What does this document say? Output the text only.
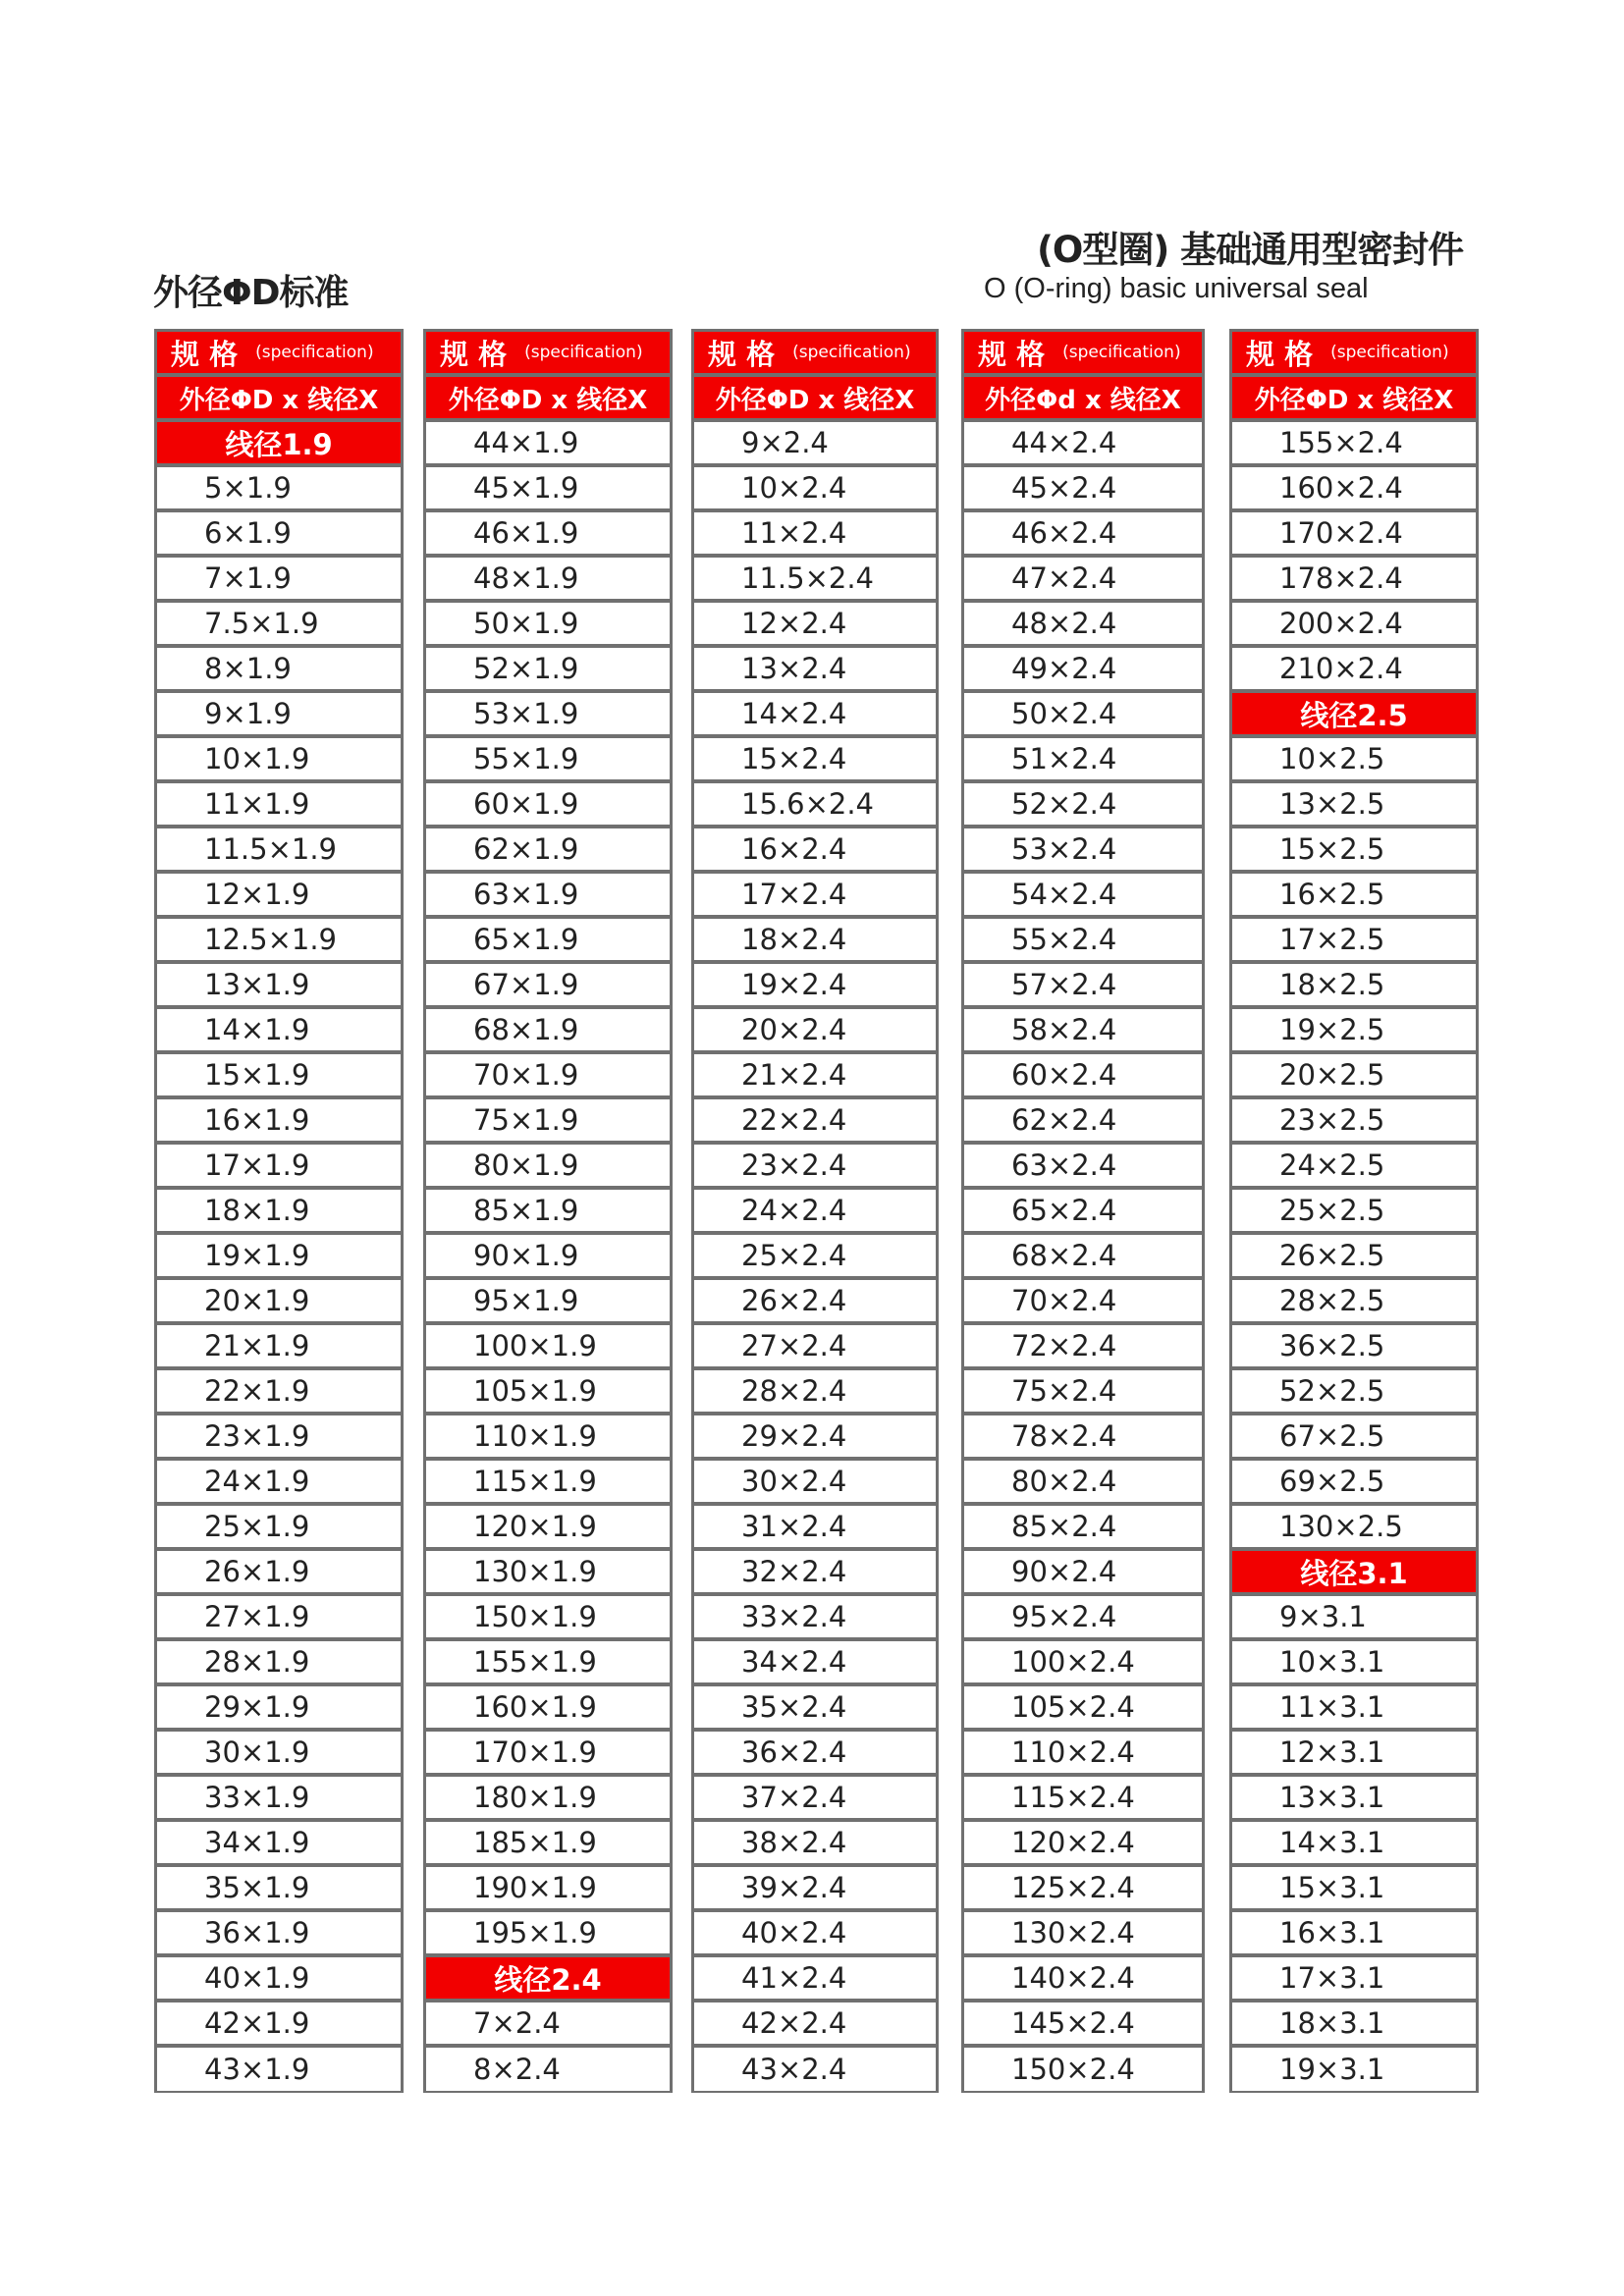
(O型圈) 基础通用型密封件
O (O-ring) basic universal seal
外径ΦD标准
规 格 (specification)
外径ΦD x 线径X
线径1.9
5×1.9
6×1.9
7×1.9
7.5×1.9
8×1.9
9×1.9
10×1.9
11×1.9
11.5×1.9
12×1.9
12.5×1.9
13×1.9
14×1.9
15×1.9
16×1.9
17×1.9
18×1.9
19×1.9
20×1.9
21×1.9
22×1.9
23×1.9
24×1.9
25×1.9
26×1.9
27×1.9
28×1.9
29×1.9
30×1.9
33×1.9
34×1.9
35×1.9
36×1.9
40×1.9
42×1.9
43×1.9
规 格 (specification)
外径ΦD x 线径X
44×1.9
45×1.9
46×1.9
48×1.9
50×1.9
52×1.9
53×1.9
55×1.9
60×1.9
62×1.9
63×1.9
65×1.9
67×1.9
68×1.9
70×1.9
75×1.9
80×1.9
85×1.9
90×1.9
95×1.9
100×1.9
105×1.9
110×1.9
115×1.9
120×1.9
130×1.9
150×1.9
155×1.9
160×1.9
170×1.9
180×1.9
185×1.9
190×1.9
195×1.9
线径2.4
7×2.4
8×2.4
规 格 (specification)
外径ΦD x 线径X
9×2.4
10×2.4
11×2.4
11.5×2.4
12×2.4
13×2.4
14×2.4
15×2.4
15.6×2.4
16×2.4
17×2.4
18×2.4
19×2.4
20×2.4
21×2.4
22×2.4
23×2.4
24×2.4
25×2.4
26×2.4
27×2.4
28×2.4
29×2.4
30×2.4
31×2.4
32×2.4
33×2.4
34×2.4
35×2.4
36×2.4
37×2.4
38×2.4
39×2.4
40×2.4
41×2.4
42×2.4
43×2.4
规 格 (specification)
外径Φd x 线径X
44×2.4
45×2.4
46×2.4
47×2.4
48×2.4
49×2.4
50×2.4
51×2.4
52×2.4
53×2.4
54×2.4
55×2.4
57×2.4
58×2.4
60×2.4
62×2.4
63×2.4
65×2.4
68×2.4
70×2.4
72×2.4
75×2.4
78×2.4
80×2.4
85×2.4
90×2.4
95×2.4
100×2.4
105×2.4
110×2.4
115×2.4
120×2.4
125×2.4
130×2.4
140×2.4
145×2.4
150×2.4
规 格 (specification)
外径ΦD x 线径X
155×2.4
160×2.4
170×2.4
178×2.4
200×2.4
210×2.4
线径2.5
10×2.5
13×2.5
15×2.5
16×2.5
17×2.5
18×2.5
19×2.5
20×2.5
23×2.5
24×2.5
25×2.5
26×2.5
28×2.5
36×2.5
52×2.5
67×2.5
69×2.5
130×2.5
线径3.1
9×3.1
10×3.1
11×3.1
12×3.1
13×3.1
14×3.1
15×3.1
16×3.1
17×3.1
18×3.1
19×3.1
